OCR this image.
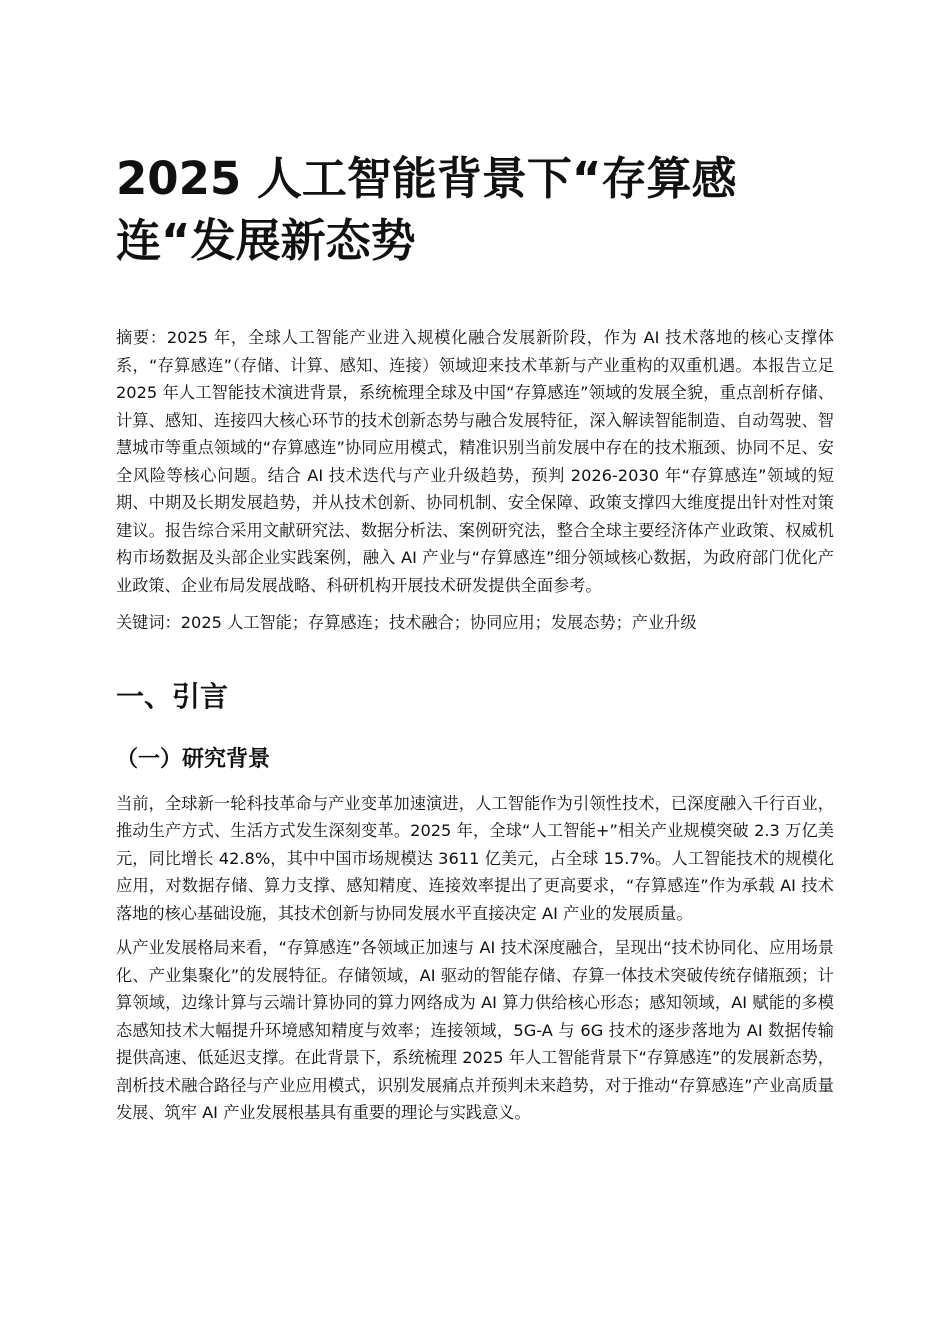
2025 人工智能背景下“存算感连“发展新态势

摘要：2025 年，全球人工智能产业进入规模化融合发展新阶段，作为 AI 技术落地的核心支撑体系，“存算感连”（存储、计算、感知、连接）领域迎来技术革新与产业重构的双重机遇。本报告立足 2025 年人工智能技术演进背景，系统梳理全球及中国“存算感连”领域的发展全貌，重点剖析存储、计算、感知、连接四大核心环节的技术创新态势与融合发展特征，深入解读智能制造、自动驾驶、智慧城市等重点领域的“存算感连”协同应用模式，精准识别当前发展中存在的技术瓶颈、协同不足、安全风险等核心问题。结合 AI 技术迭代与产业升级趋势，预判 2026-2030 年“存算感连”领域的短期、中期及长期发展趋势，并从技术创新、协同机制、安全保障、政策支撑四大维度提出针对性对策建议。报告综合采用文献研究法、数据分析法、案例研究法，整合全球主要经济体产业政策、权威机构市场数据及头部企业实践案例，融入 AI 产业与“存算感连”细分领域核心数据，为政府部门优化产业政策、企业布局发展战略、科研机构开展技术研发提供全面参考。

关键词：2025 人工智能；存算感连；技术融合；协同应用；发展态势；产业升级

一、引言
（一）研究背景

当前，全球新一轮科技革命与产业变革加速演进，人工智能作为引领性技术，已深度融入千行百业，推动生产方式、生活方式发生深刻变革。2025 年，全球“人工智能+”相关产业规模突破 2.3 万亿美元，同比增长 42.8%，其中中国市场规模达 3611 亿美元，占全球 15.7%。人工智能技术的规模化应用，对数据存储、算力支撑、感知精度、连接效率提出了更高要求，“存算感连”作为承载 AI 技术落地的核心基础设施，其技术创新与协同发展水平直接决定 AI 产业的发展质量。

从产业发展格局来看，“存算感连”各领域正加速与 AI 技术深度融合，呈现出“技术协同化、应用场景化、产业集聚化”的发展特征。存储领域，AI 驱动的智能存储、存算一体技术突破传统存储瓶颈；计算领域，边缘计算与云端计算协同的算力网络成为 AI 算力供给核心形态；感知领域，AI 赋能的多模态感知技术大幅提升环境感知精度与效率；连接领域，5G-A 与 6G 技术的逐步落地为 AI 数据传输提供高速、低延迟支撑。在此背景下，系统梳理 2025 年人工智能背景下“存算感连”的发展新态势，剖析技术融合路径与产业应用模式，识别发展痛点并预判未来趋势，对于推动“存算感连”产业高质量发展、筑牢 AI 产业发展根基具有重要的理论与实践意义。
